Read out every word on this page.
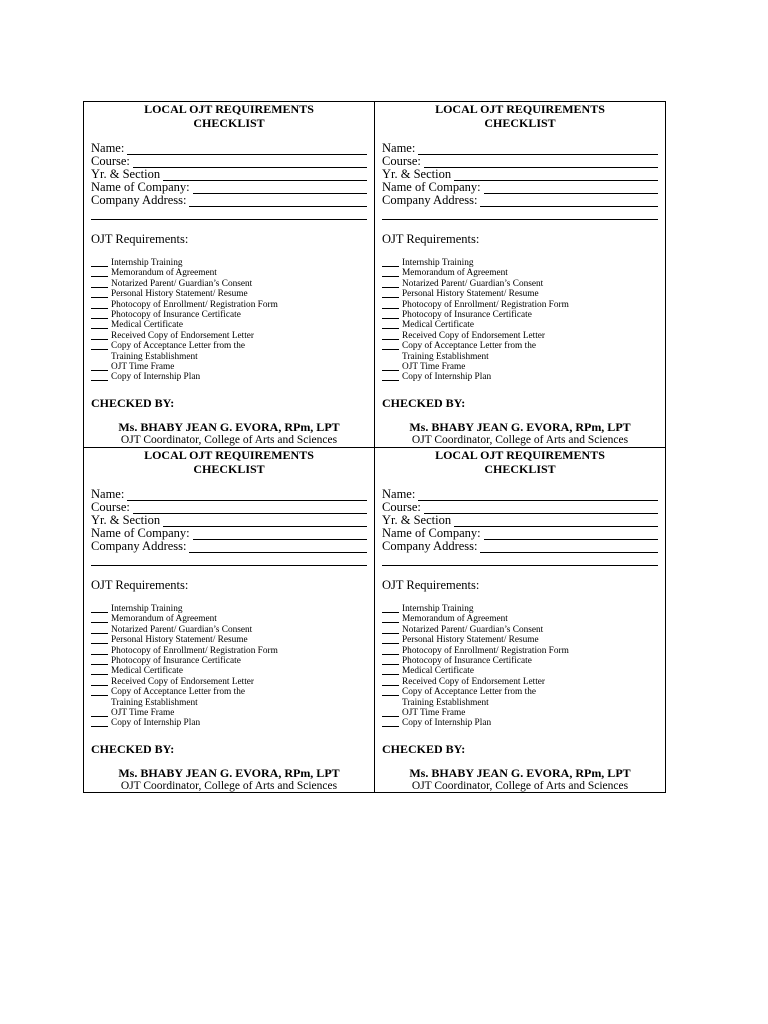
LOCAL OJT REQUIREMENTS
CHECKLIST
Name:
Course:
Yr. & Section
Name of Company:
Company Address:
OJT Requirements:
Internship Training
Memorandum of Agreement
Notarized Parent/ Guardian’s Consent
Personal History Statement/ Resume
Photocopy of Enrollment/ Registration Form
Photocopy of Insurance Certificate
Medical Certificate
Received Copy of Endorsement Letter
Copy of Acceptance Letter from the
Training Establishment
OJT Time Frame
Copy of Internship Plan
CHECKED BY:
Ms. BHABY JEAN G. EVORA, RPm, LPT
OJT Coordinator, College of Arts and Sciences
LOCAL OJT REQUIREMENTS
CHECKLIST
Name:
Course:
Yr. & Section
Name of Company:
Company Address:
OJT Requirements:
Internship Training
Memorandum of Agreement
Notarized Parent/ Guardian’s Consent
Personal History Statement/ Resume
Photocopy of Enrollment/ Registration Form
Photocopy of Insurance Certificate
Medical Certificate
Received Copy of Endorsement Letter
Copy of Acceptance Letter from the
Training Establishment
OJT Time Frame
Copy of Internship Plan
CHECKED BY:
Ms. BHABY JEAN G. EVORA, RPm, LPT
OJT Coordinator, College of Arts and Sciences
LOCAL OJT REQUIREMENTS
CHECKLIST
Name:
Course:
Yr. & Section
Name of Company:
Company Address:
OJT Requirements:
Internship Training
Memorandum of Agreement
Notarized Parent/ Guardian’s Consent
Personal History Statement/ Resume
Photocopy of Enrollment/ Registration Form
Photocopy of Insurance Certificate
Medical Certificate
Received Copy of Endorsement Letter
Copy of Acceptance Letter from the
Training Establishment
OJT Time Frame
Copy of Internship Plan
CHECKED BY:
Ms. BHABY JEAN G. EVORA, RPm, LPT
OJT Coordinator, College of Arts and Sciences
LOCAL OJT REQUIREMENTS
CHECKLIST
Name:
Course:
Yr. & Section
Name of Company:
Company Address:
OJT Requirements:
Internship Training
Memorandum of Agreement
Notarized Parent/ Guardian’s Consent
Personal History Statement/ Resume
Photocopy of Enrollment/ Registration Form
Photocopy of Insurance Certificate
Medical Certificate
Received Copy of Endorsement Letter
Copy of Acceptance Letter from the
Training Establishment
OJT Time Frame
Copy of Internship Plan
CHECKED BY:
Ms. BHABY JEAN G. EVORA, RPm, LPT
OJT Coordinator, College of Arts and Sciences
